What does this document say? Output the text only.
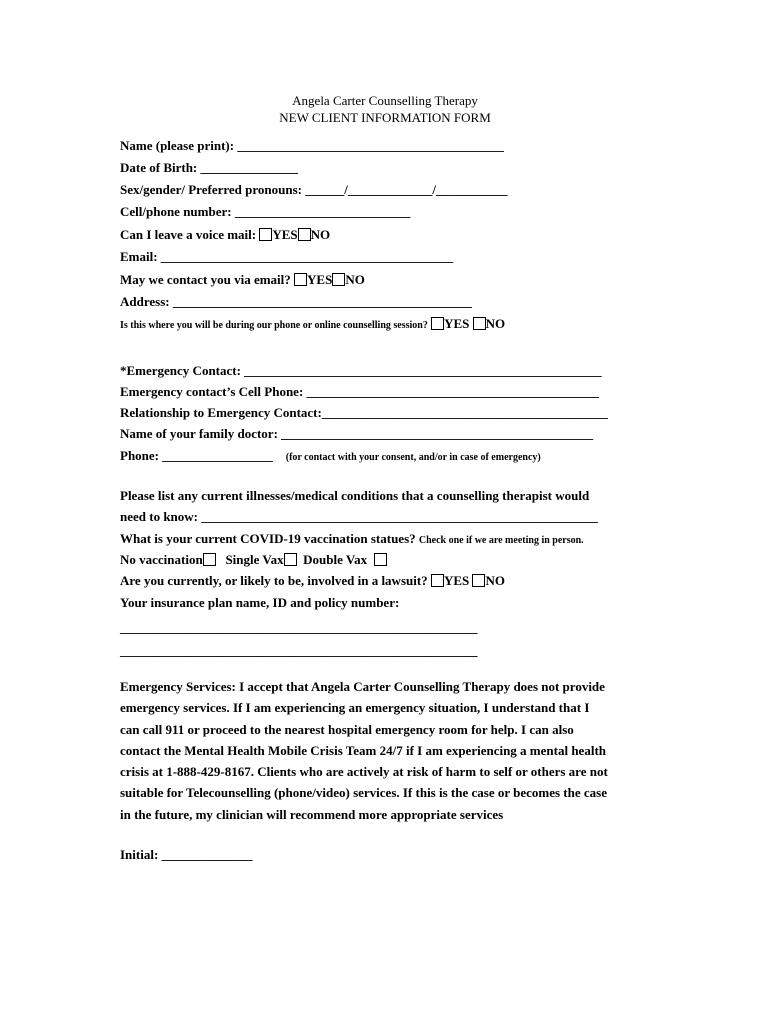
Angela Carter Counselling Therapy
NEW CLIENT INFORMATION FORM
Name (please print): _________________________________________
Date of Birth: _______________
Sex/gender/ Preferred pronouns: ______/_____________/___________
Cell/phone number: ___________________________
Can I leave a voice mail: YES NO
Email: _____________________________________________
May we contact you via email? YES NO
Address: ______________________________________________
Is this where you will be during our phone or online counselling session? YES NO
*Emergency Contact: _______________________________________________________
Emergency contact’s Cell Phone: _____________________________________________
Relationship to Emergency Contact:____________________________________________
Name of your family doctor: ________________________________________________
Phone: _________________ (for contact with your consent, and/or in case of emergency)
Please list any current illnesses/medical conditions that a counselling therapist would
need to know: _____________________________________________________________
What is your current COVID-19 vaccination statues? Check one if we are meeting in person.
No vaccination Single Vax Double Vax
Are you currently, or likely to be, involved in a lawsuit? YES NO
Your insurance plan name, ID and policy number:
_______________________________________________________
_______________________________________________________
Emergency Services: I accept that Angela Carter Counselling Therapy does not provide
emergency services. If I am experiencing an emergency situation, I understand that I
can call 911 or proceed to the nearest hospital emergency room for help. I can also
contact the Mental Health Mobile Crisis Team 24/7 if I am experiencing a mental health
crisis at 1-888-429-8167. Clients who are actively at risk of harm to self or others are not
suitable for Telecounselling (phone/video) services. If this is the case or becomes the case
in the future, my clinician will recommend more appropriate services
Initial: ______________
